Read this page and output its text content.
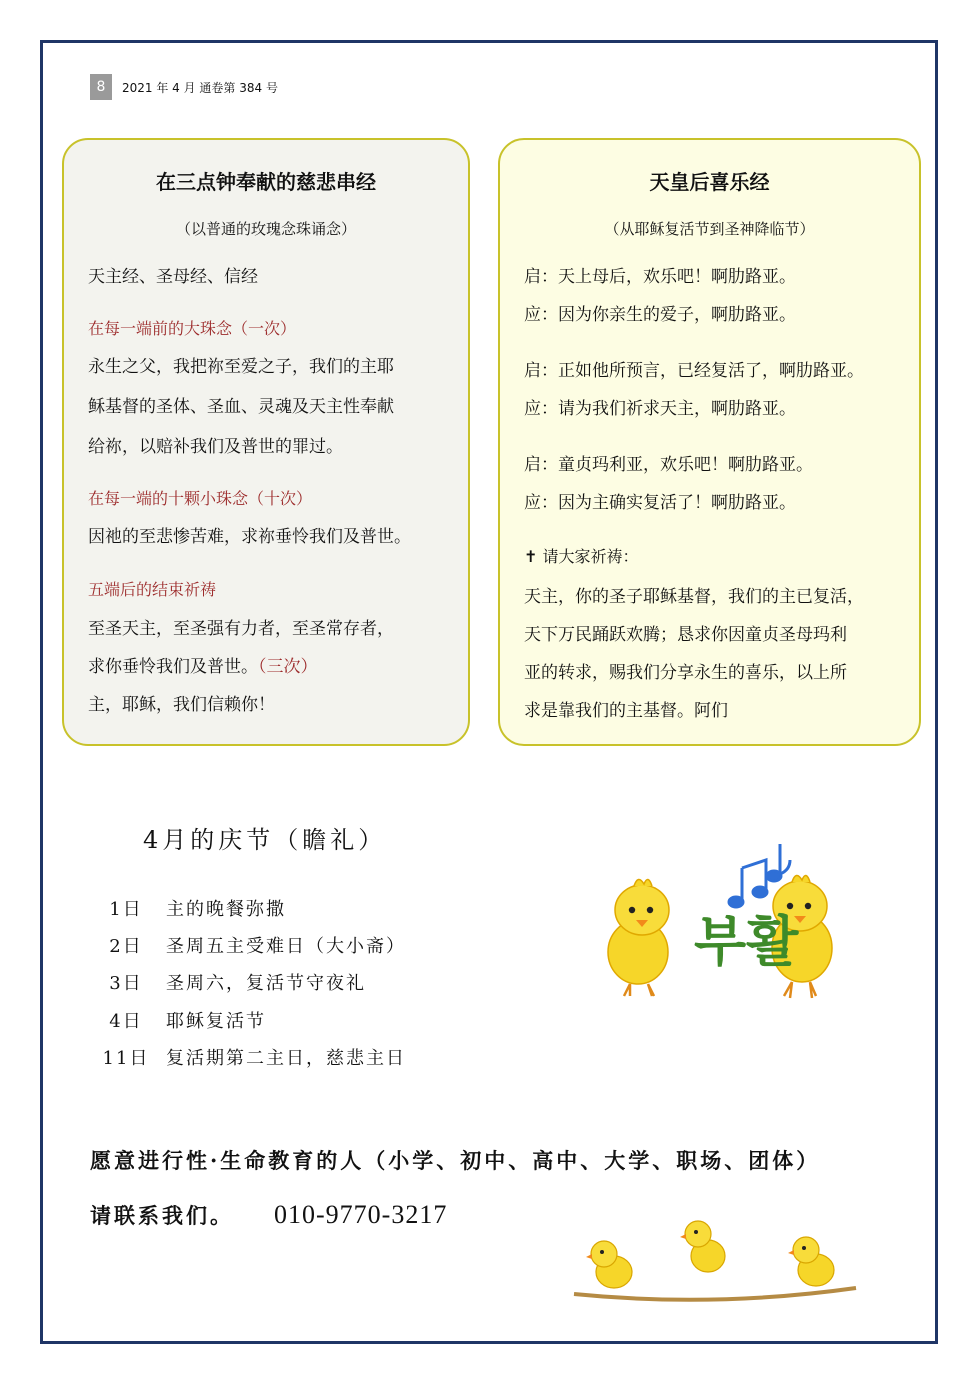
8	2021 年 4 月 通卷第 384 号
在三点钟奉献的慈悲串经
（以普通的玫瑰念珠诵念）
天主经、圣母经、信经
在每一端前的大珠念（一次）
永生之父，我把祢至爱之子，我们的主耶
稣基督的圣体、圣血、灵魂及天主性奉献
给祢，以赔补我们及普世的罪过。
在每一端的十颗小珠念（十次）
因祂的至悲惨苦难，求祢垂怜我们及普世。
五端后的结束祈祷
至圣天主，至圣强有力者，至圣常存者，
求你垂怜我们及普世。（三次）
主，耶稣，我们信赖你！
天皇后喜乐经
（从耶稣复活节到圣神降临节）
启：天上母后，欢乐吧！啊肋路亚。
应：因为你亲生的爱子，啊肋路亚。
启：正如他所预言，已经复活了，啊肋路亚。
应：请为我们祈求天主，啊肋路亚。
启：童贞玛利亚，欢乐吧！啊肋路亚。
应：因为主确实复活了！啊肋路亚。
✝ 请大家祈祷：
天主，你的圣子耶稣基督，我们的主已复活，
天下万民踊跃欢腾；恳求你因童贞圣母玛利
亚的转求，赐我们分享永生的喜乐，以上所
求是靠我们的主基督。阿们
4月的庆节（瞻礼）
1日	主的晚餐弥撒
2日	圣周五主受难日（大小斋）
3日	圣周六，复活节守夜礼
4日	耶稣复活节
11日 复活期第二主日，慈悲主日
부활
愿意进行性·生命教育的人（小学、初中、高中、大学、职场、团体）
请联系我们。 010-9770-3217
